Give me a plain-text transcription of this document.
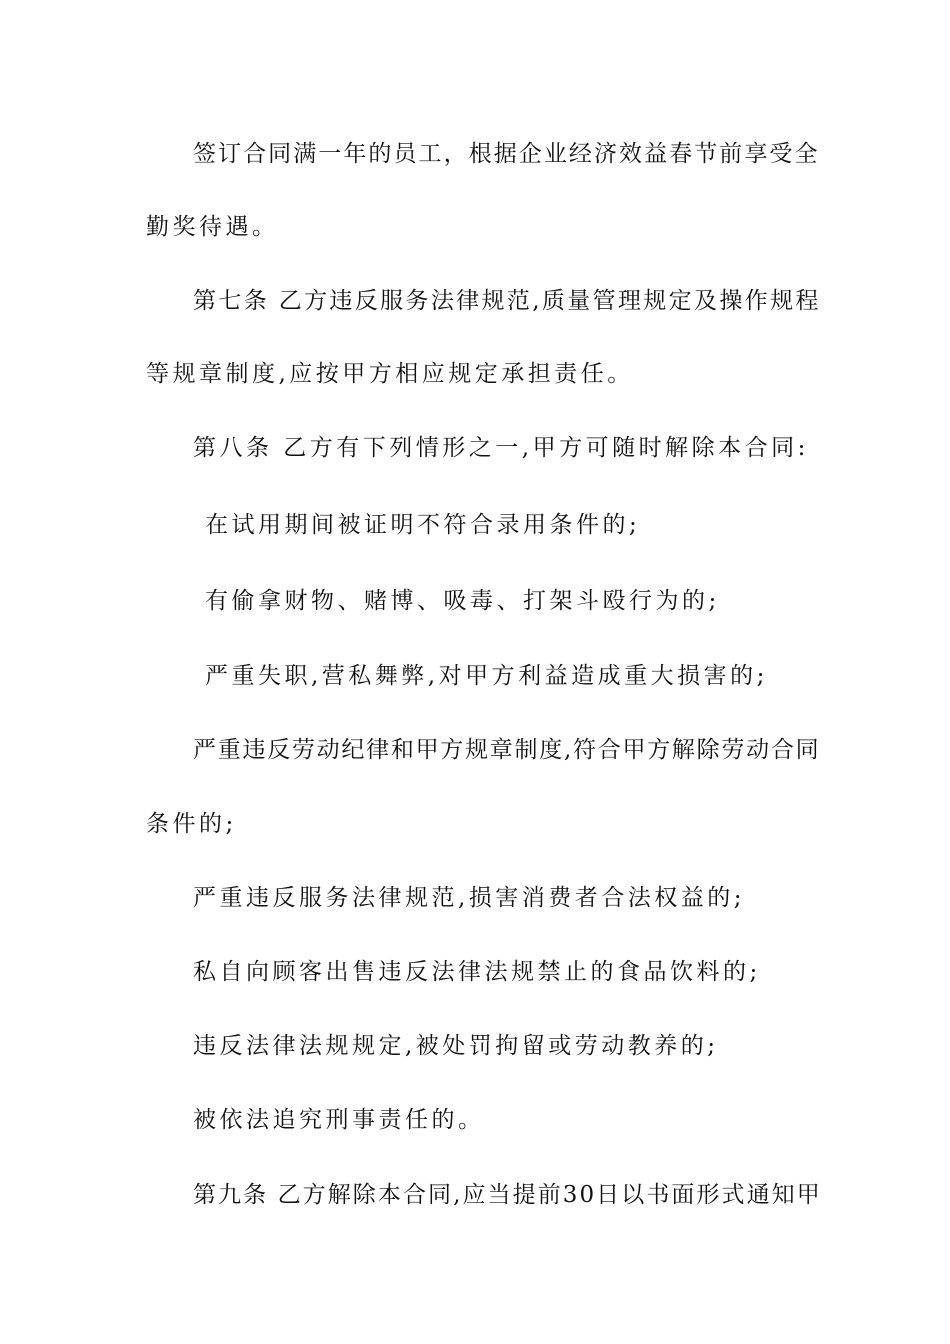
签订合同满一年的员工，根据企业经济效益春节前享受全
勤奖待遇。
第七条 乙方违反服务法律规范,质量管理规定及操作规程
等规章制度,应按甲方相应规定承担责任。
第八条 乙方有下列情形之一,甲方可随时解除本合同:
在试用期间被证明不符合录用条件的;
有偷拿财物、赌博、吸毒、打架斗殴行为的;
严重失职,营私舞弊,对甲方利益造成重大损害的;
严重违反劳动纪律和甲方规章制度,符合甲方解除劳动合同
条件的;
严重违反服务法律规范,损害消费者合法权益的;
私自向顾客出售违反法律法规禁止的食品饮料的;
违反法律法规规定,被处罚拘留或劳动教养的;
被依法追究刑事责任的。
第九条 乙方解除本合同,应当提前30日以书面形式通知甲
